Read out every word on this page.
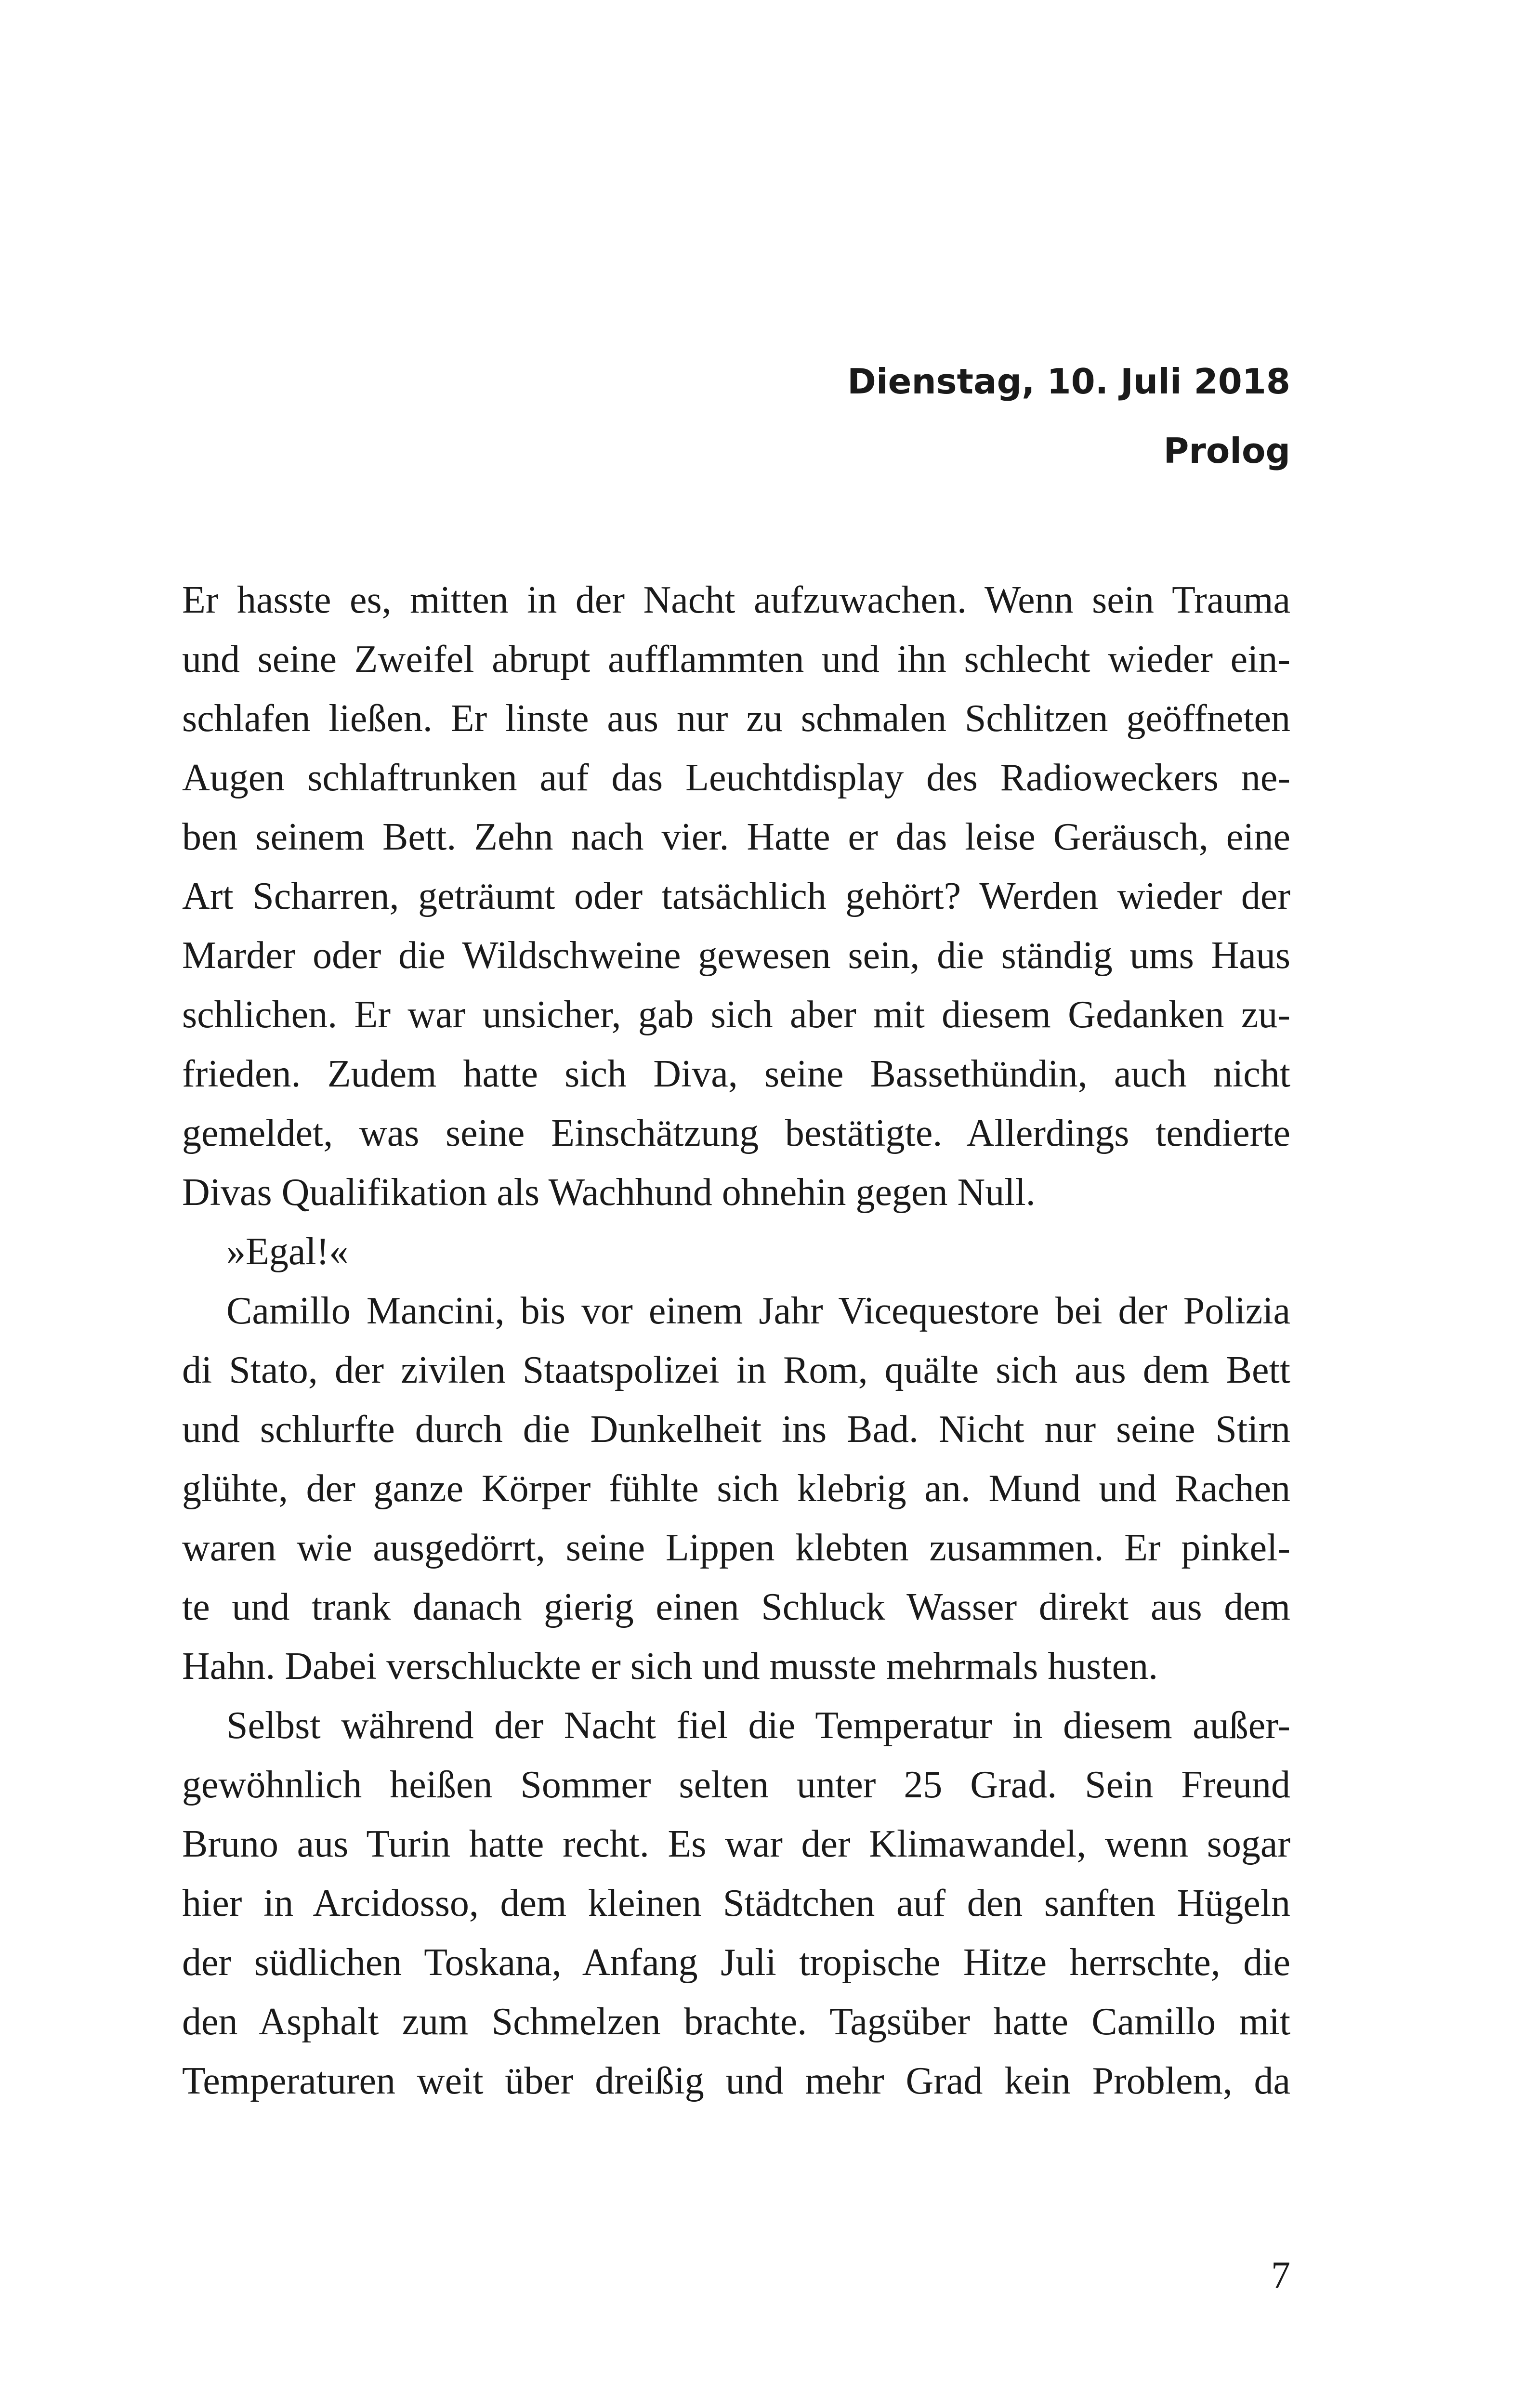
Dienstag, 10. Juli 2018
Prolog
Er hasste es, mitten in der Nacht aufzuwachen. Wenn sein Trauma
und seine Zweifel abrupt aufflammten und ihn schlecht wieder ein-
schlafen ließen. Er linste aus nur zu schmalen Schlitzen geöffneten
Augen schlaftrunken auf das Leuchtdisplay des Radioweckers ne-
ben seinem Bett. Zehn nach vier. Hatte er das leise Geräusch, eine
Art Scharren, geträumt oder tatsächlich gehört? Werden wieder der
Marder oder die Wildschweine gewesen sein, die ständig ums Haus
schlichen. Er war unsicher, gab sich aber mit diesem Gedanken zu-
frieden. Zudem hatte sich Diva, seine Bassethündin, auch nicht
gemeldet, was seine Einschätzung bestätigte. Allerdings tendierte
Divas Qualifikation als Wachhund ohnehin gegen Null.
»Egal!«
Camillo Mancini, bis vor einem Jahr Vicequestore bei der Polizia
di Stato, der zivilen Staatspolizei in Rom, quälte sich aus dem Bett
und schlurfte durch die Dunkelheit ins Bad. Nicht nur seine Stirn
glühte, der ganze Körper fühlte sich klebrig an. Mund und Rachen
waren wie ausgedörrt, seine Lippen klebten zusammen. Er pinkel-
te und trank danach gierig einen Schluck Wasser direkt aus dem
Hahn. Dabei verschluckte er sich und musste mehrmals husten.
Selbst während der Nacht fiel die Temperatur in diesem außer-
gewöhnlich heißen Sommer selten unter 25 Grad. Sein Freund
Bruno aus Turin hatte recht. Es war der Klimawandel, wenn sogar
hier in Arcidosso, dem kleinen Städtchen auf den sanften Hügeln
der südlichen Toskana, Anfang Juli tropische Hitze herrschte, die
den Asphalt zum Schmelzen brachte. Tagsüber hatte Camillo mit
Temperaturen weit über dreißig und mehr Grad kein Problem, da
7
